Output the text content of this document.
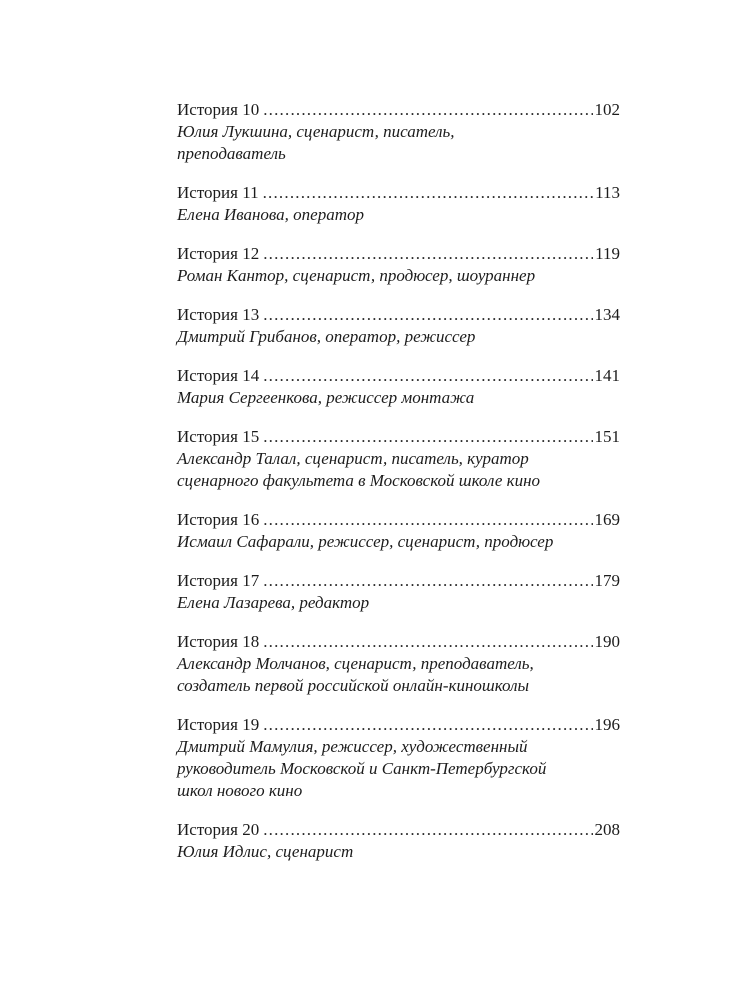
История 10 .....	102
Юлия Лукшина, сценарист, писатель,
преподаватель
История 11 .....	113
Елена Иванова, оператор
История 12 .....	119
Роман Кантор, сценарист, продюсер, шоураннер
История 13 .....	134
Дмитрий Грибанов, оператор, режиссер
История 14 .....	141
Мария Сергеенкова, режиссер монтажа
История 15 .....	151
Александр Талал, сценарист, писатель, куратор
сценарного факультета в Московской школе кино
История 16 .....	169
Исмаил Сафарали, режиссер, сценарист, продюсер
История 17 .....	179
Елена Лазарева, редактор
История 18 .....	190
Александр Молчанов, сценарист, преподаватель,
создатель первой российской онлайн-киношколы
История 19 .....	196
Дмитрий Мамулия, режиссер, художественный
руководитель Московской и Санкт-Петербургской
школ нового кино
История 20 .....	208
Юлия Идлис, сценарист
